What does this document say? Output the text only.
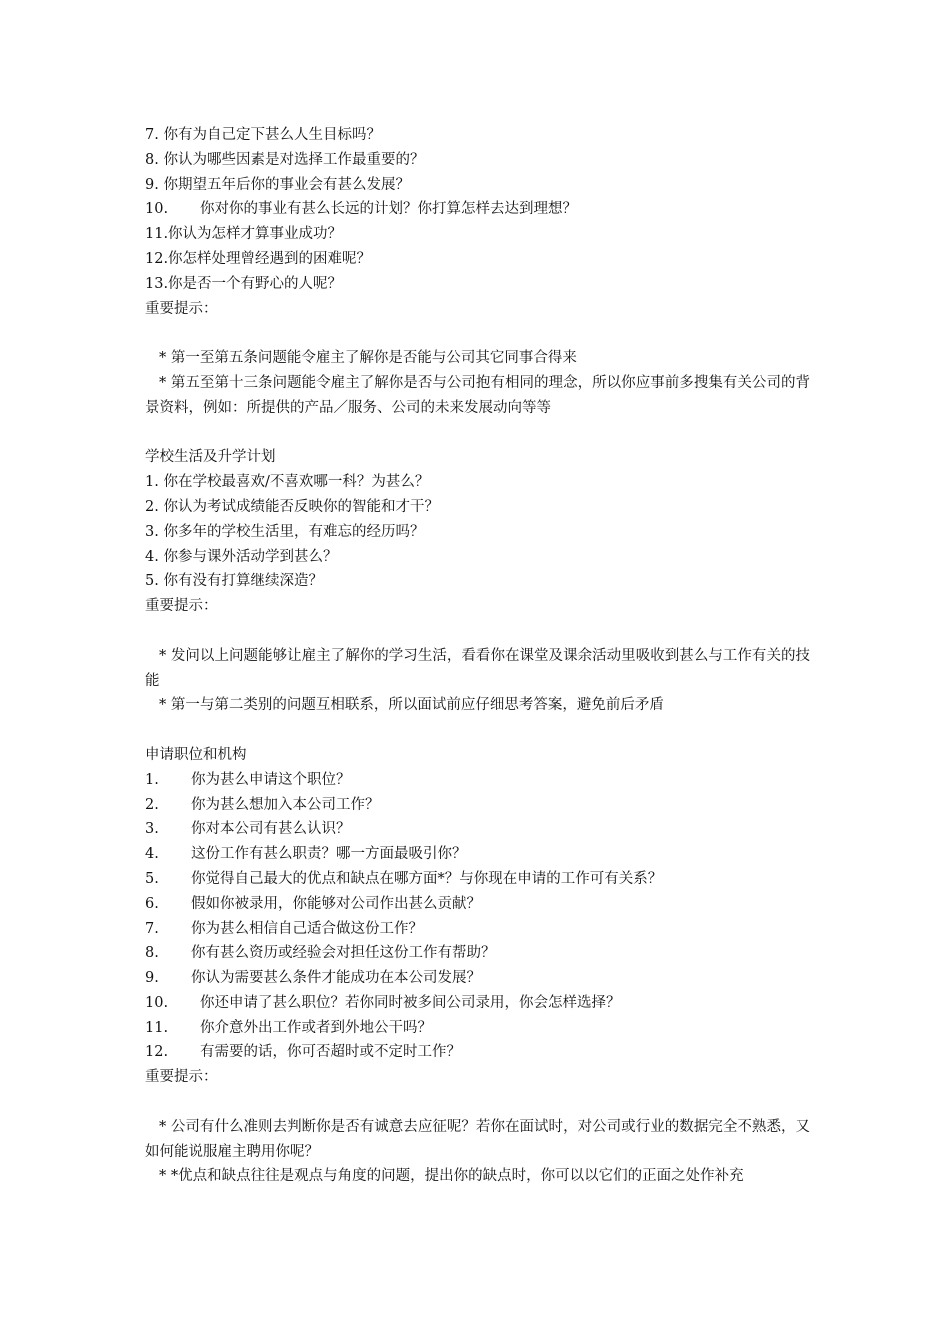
7. 你有为自己定下甚么人生目标吗？
8. 你认为哪些因素是对选择工作最重要的？
9. 你期望五年后你的事业会有甚么发展？
10. 你对你的事业有甚么长远的计划？你打算怎样去达到理想？
11.你认为怎样才算事业成功？
12.你怎样处理曾经遇到的困难呢？
13.你是否一个有野心的人呢？
重要提示：
* 第一至第五条问题能令雇主了解你是否能与公司其它同事合得来
* 第五至第十三条问题能令雇主了解你是否与公司抱有相同的理念，所以你应事前多搜集有关公司的背景资料，例如：所提供的产品／服务、公司的未来发展动向等等
学校生活及升学计划
1. 你在学校最喜欢/不喜欢哪一科？为甚么？
2. 你认为考试成绩能否反映你的智能和才干？
3. 你多年的学校生活里，有难忘的经历吗？
4. 你参与课外活动学到甚么？
5. 你有没有打算继续深造？
重要提示：
* 发问以上问题能够让雇主了解你的学习生活，看看你在课堂及课余活动里吸收到甚么与工作有关的技能
* 第一与第二类别的问题互相联系，所以面试前应仔细思考答案，避免前后矛盾
申请职位和机构
1. 你为甚么申请这个职位？
2. 你为甚么想加入本公司工作？
3. 你对本公司有甚么认识？
4. 这份工作有甚么职责？哪一方面最吸引你？
5. 你觉得自己最大的优点和缺点在哪方面*？与你现在申请的工作可有关系？
6. 假如你被录用，你能够对公司作出甚么贡献？
7. 你为甚么相信自己适合做这份工作？
8. 你有甚么资历或经验会对担任这份工作有帮助？
9. 你认为需要甚么条件才能成功在本公司发展？
10. 你还申请了甚么职位？若你同时被多间公司录用，你会怎样选择？
11. 你介意外出工作或者到外地公干吗？
12. 有需要的话，你可否超时或不定时工作？
重要提示：
* 公司有什么准则去判断你是否有诚意去应征呢？若你在面试时，对公司或行业的数据完全不熟悉，又如何能说服雇主聘用你呢？
* *优点和缺点往往是观点与角度的问题，提出你的缺点时，你可以以它们的正面之处作补充
